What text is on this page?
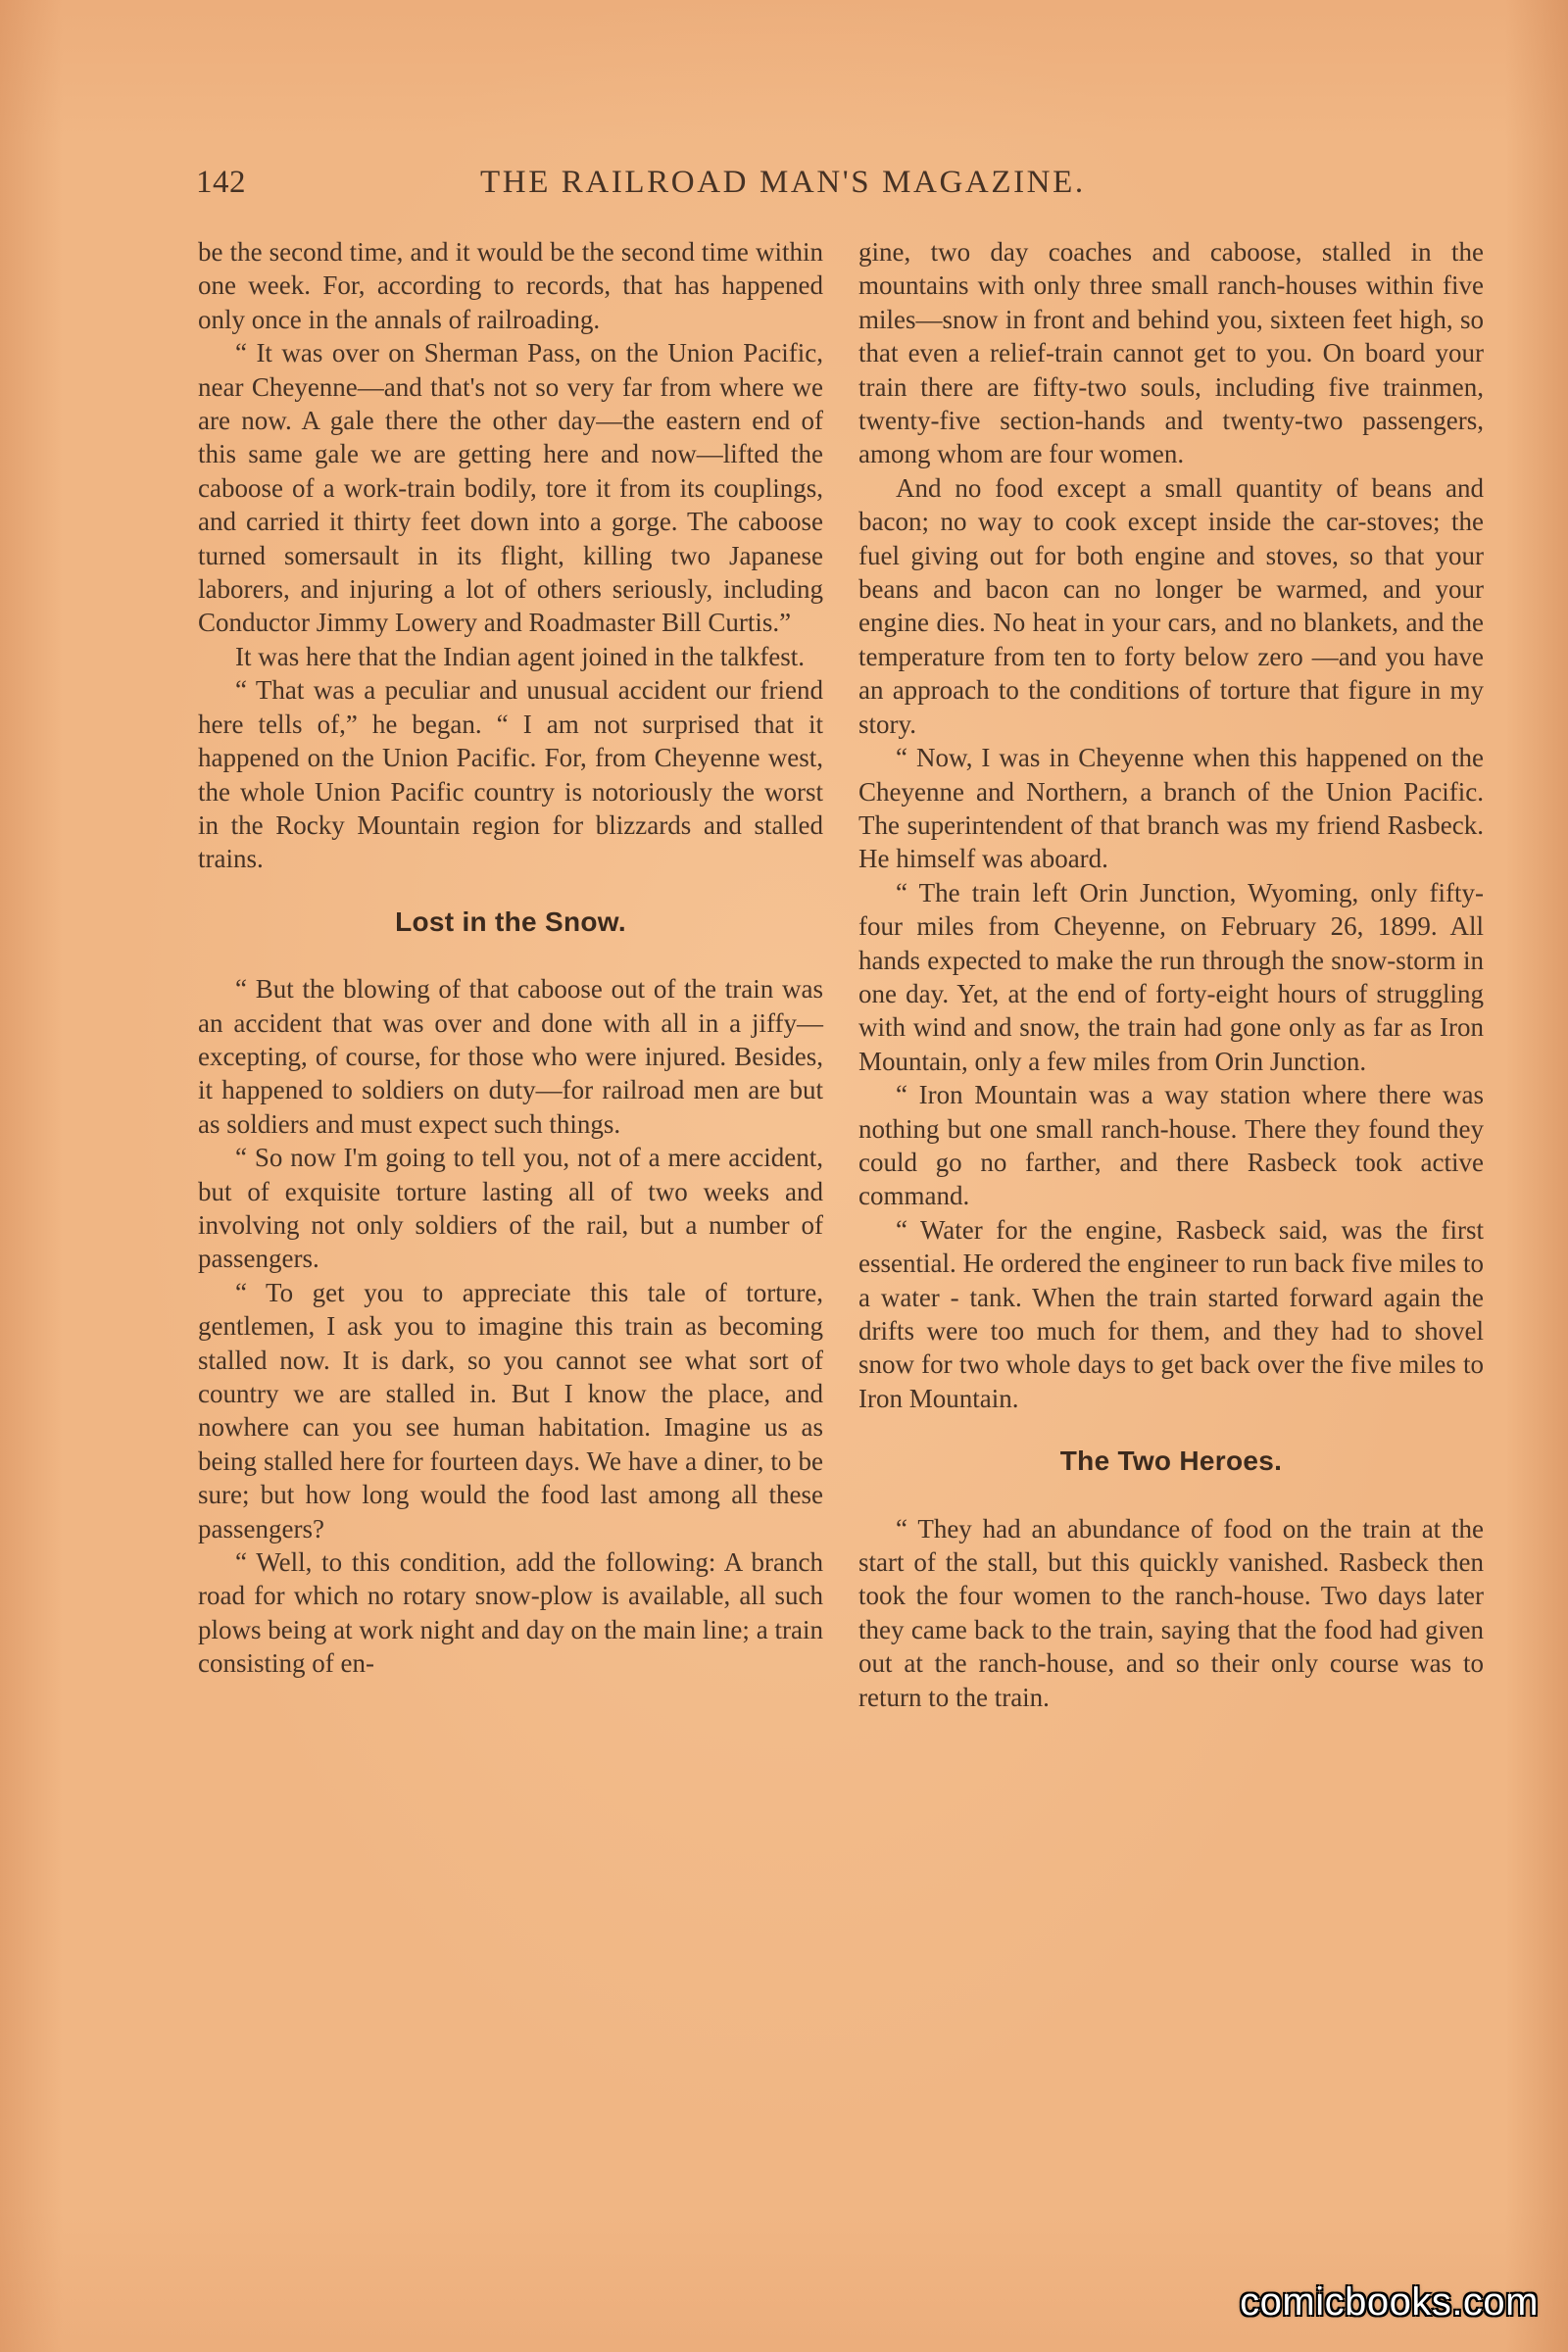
142	THE RAILROAD MAN'S MAGAZINE.

be the second time, and it would be the second time within one week. For, according to records, that has happened only once in the annals of railroading.

“ It was over on Sherman Pass, on the Union Pacific, near Cheyenne—and that's not so very far from where we are now. A gale there the other day—the eastern end of this same gale we are getting here and now—lifted the caboose of a work-train bodily, tore it from its couplings, and carried it thirty feet down into a gorge. The caboose turned somersault in its flight, killing two Japanese laborers, and injuring a lot of others seriously, including Conductor Jimmy Lowery and Roadmaster Bill Curtis.”

It was here that the Indian agent joined in the talkfest.

“ That was a peculiar and unusual accident our friend here tells of,” he began. “ I am not surprised that it happened on the Union Pacific. For, from Cheyenne west, the whole Union Pacific country is notoriously the worst in the Rocky Mountain region for blizzards and stalled trains.

Lost in the Snow.

“ But the blowing of that caboose out of the train was an accident that was over and done with all in a jiffy—excepting, of course, for those who were injured. Besides, it happened to soldiers on duty—for railroad men are but as soldiers and must expect such things.

“ So now I'm going to tell you, not of a mere accident, but of exquisite torture lasting all of two weeks and involving not only soldiers of the rail, but a number of passengers.

“ To get you to appreciate this tale of torture, gentlemen, I ask you to imagine this train as becoming stalled now. It is dark, so you cannot see what sort of country we are stalled in. But I know the place, and nowhere can you see human habitation. Imagine us as being stalled here for fourteen days. We have a diner, to be sure; but how long would the food last among all these passengers?

“ Well, to this condition, add the following: A branch road for which no rotary snow-plow is available, all such plows being at work night and day on the main line; a train consisting of en-

gine, two day coaches and caboose, stalled in the mountains with only three small ranch-houses within five miles—snow in front and behind you, sixteen feet high, so that even a relief-train cannot get to you. On board your train there are fifty-two souls, including five trainmen, twenty-five section-hands and twenty-two passengers, among whom are four women.

And no food except a small quantity of beans and bacon; no way to cook except inside the car-stoves; the fuel giving out for both engine and stoves, so that your beans and bacon can no longer be warmed, and your engine dies. No heat in your cars, and no blankets, and the temperature from ten to forty below zero —and you have an approach to the conditions of torture that figure in my story.

“ Now, I was in Cheyenne when this happened on the Cheyenne and Northern, a branch of the Union Pacific. The superintendent of that branch was my friend Rasbeck. He himself was aboard.

“ The train left Orin Junction, Wyoming, only fifty-four miles from Cheyenne, on February 26, 1899. All hands expected to make the run through the snow-storm in one day. Yet, at the end of forty-eight hours of struggling with wind and snow, the train had gone only as far as Iron Mountain, only a few miles from Orin Junction.

“ Iron Mountain was a way station where there was nothing but one small ranch-house. There they found they could go no farther, and there Rasbeck took active command.

“ Water for the engine, Rasbeck said, was the first essential. He ordered the engineer to run back five miles to a water - tank. When the train started forward again the drifts were too much for them, and they had to shovel snow for two whole days to get back over the five miles to Iron Mountain.

The Two Heroes.

“ They had an abundance of food on the train at the start of the stall, but this quickly vanished. Rasbeck then took the four women to the ranch-house. Two days later they came back to the train, saying that the food had given out at the ranch-house, and so their only course was to return to the train.

comicbooks.com
